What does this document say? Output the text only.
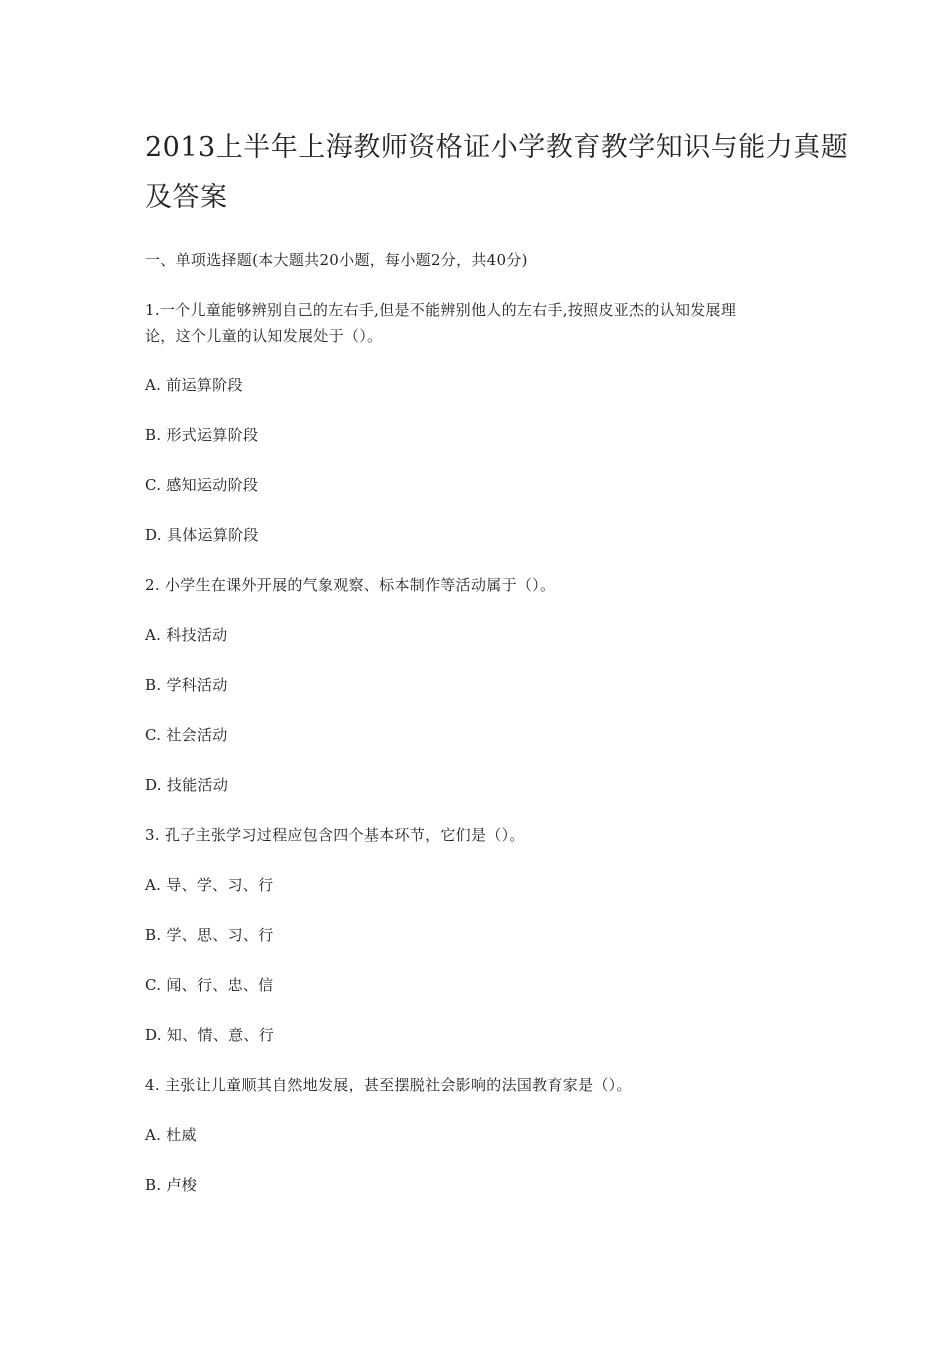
2013上半年上海教师资格证小学教育教学知识与能力真题
及答案
一、单项选择题(本大题共20小题，每小题2分，共40分)
1.一个儿童能够辨别自己的左右手,但是不能辨别他人的左右手,按照皮亚杰的认知发展理
论，这个儿童的认知发展处于（）。
A. 前运算阶段
B. 形式运算阶段
C. 感知运动阶段
D. 具体运算阶段
2. 小学生在课外开展的气象观察、标本制作等活动属于（）。
A. 科技活动
B. 学科活动
C. 社会活动
D. 技能活动
3. 孔子主张学习过程应包含四个基本环节，它们是（）。
A. 导、学、习、行
B. 学、思、习、行
C. 闻、行、忠、信
D. 知、情、意、行
4. 主张让儿童顺其自然地发展，甚至摆脱社会影响的法国教育家是（）。
A. 杜威
B. 卢梭
